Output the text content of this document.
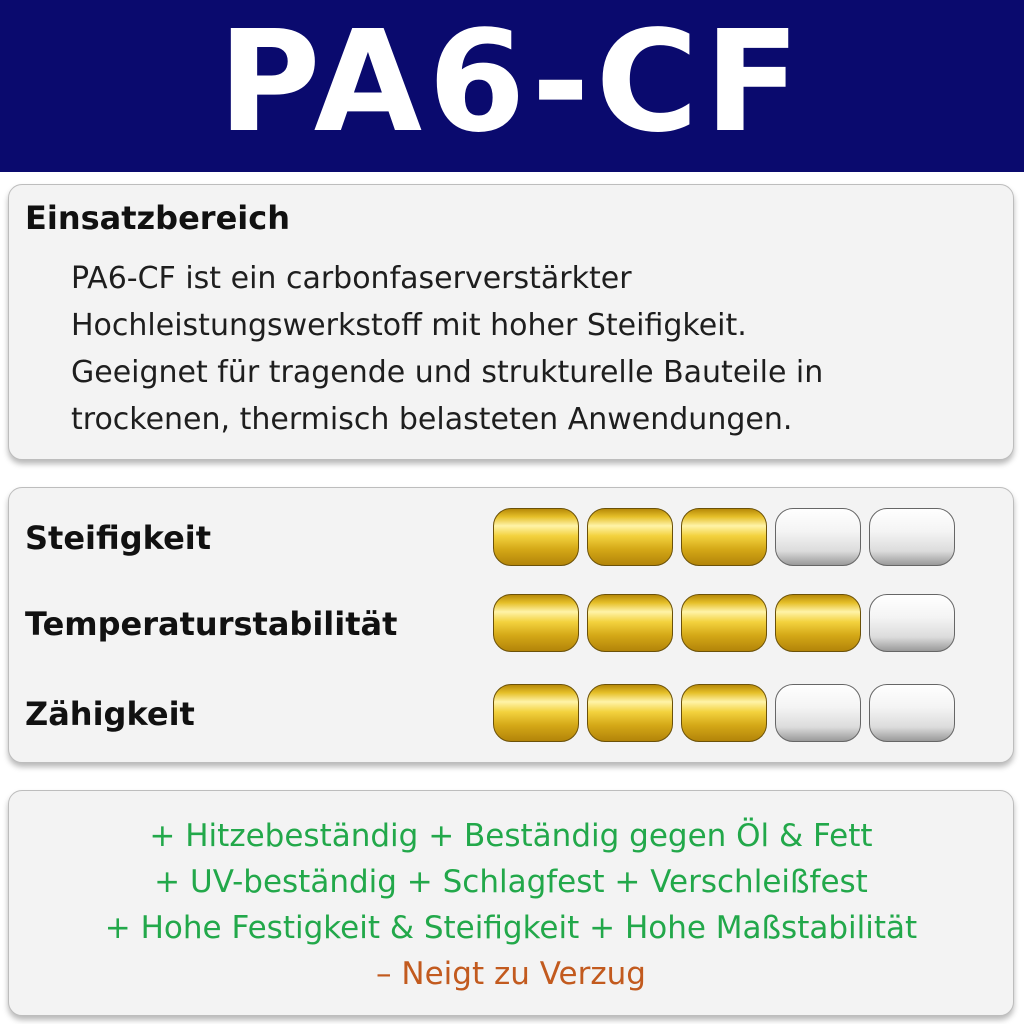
PA6-CF
Einsatzbereich
PA6-CF ist ein carbonfaserverstärkter
Hochleistungswerkstoff mit hoher Steifigkeit.
Geeignet für tragende und strukturelle Bauteile in
trockenen, thermisch belasteten Anwendungen.
Steifigkeit
Temperaturstabilität
Zähigkeit
+ Hitzebeständig + Beständig gegen Öl & Fett
+ UV-beständig + Schlagfest + Verschleißfest
+ Hohe Festigkeit & Steifigkeit + Hohe Maßstabilität
– Neigt zu Verzug
